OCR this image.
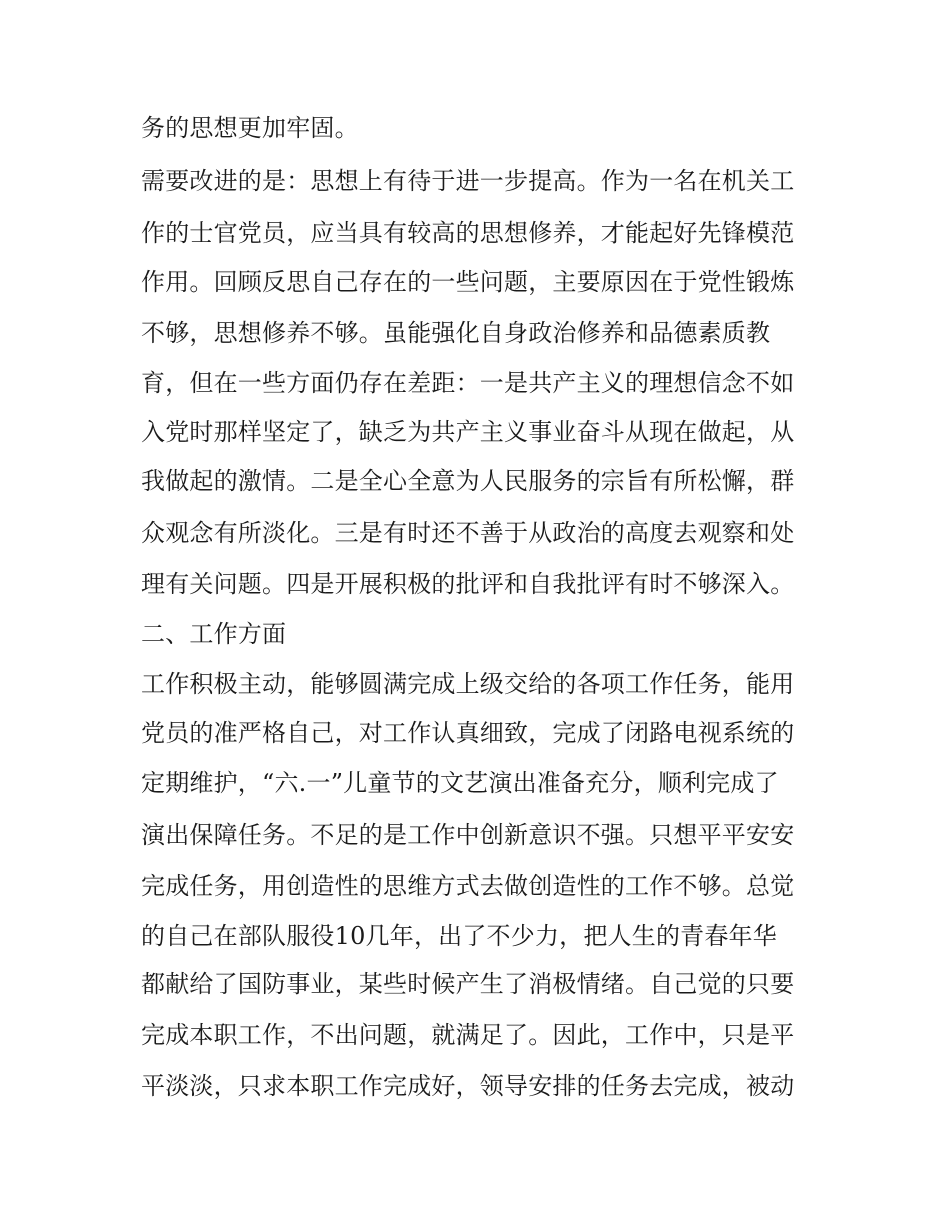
务的思想更加牢固。
需要改进的是：思想上有待于进一步提高。作为一名在机关工
作的士官党员，应当具有较高的思想修养，才能起好先锋模范
作用。回顾反思自己存在的一些问题，主要原因在于党性锻炼
不够，思想修养不够。虽能强化自身政治修养和品德素质教
育，但在一些方面仍存在差距：一是共产主义的理想信念不如
入党时那样坚定了，缺乏为共产主义事业奋斗从现在做起，从
我做起的激情。二是全心全意为人民服务的宗旨有所松懈，群
众观念有所淡化。三是有时还不善于从政治的高度去观察和处
理有关问题。四是开展积极的批评和自我批评有时不够深入。
二、工作方面
工作积极主动，能够圆满完成上级交给的各项工作任务，能用
党员的准严格自己，对工作认真细致，完成了闭路电视系统的
定期维护，“六.一”儿童节的文艺演出准备充分，顺利完成了
演出保障任务。不足的是工作中创新意识不强。只想平平安安
完成任务，用创造性的思维方式去做创造性的工作不够。总觉
的自己在部队服役10几年，出了不少力，把人生的青春年华
都献给了国防事业，某些时候产生了消极情绪。自己觉的只要
完成本职工作，不出问题，就满足了。因此，工作中，只是平
平淡淡，只求本职工作完成好，领导安排的任务去完成，被动
